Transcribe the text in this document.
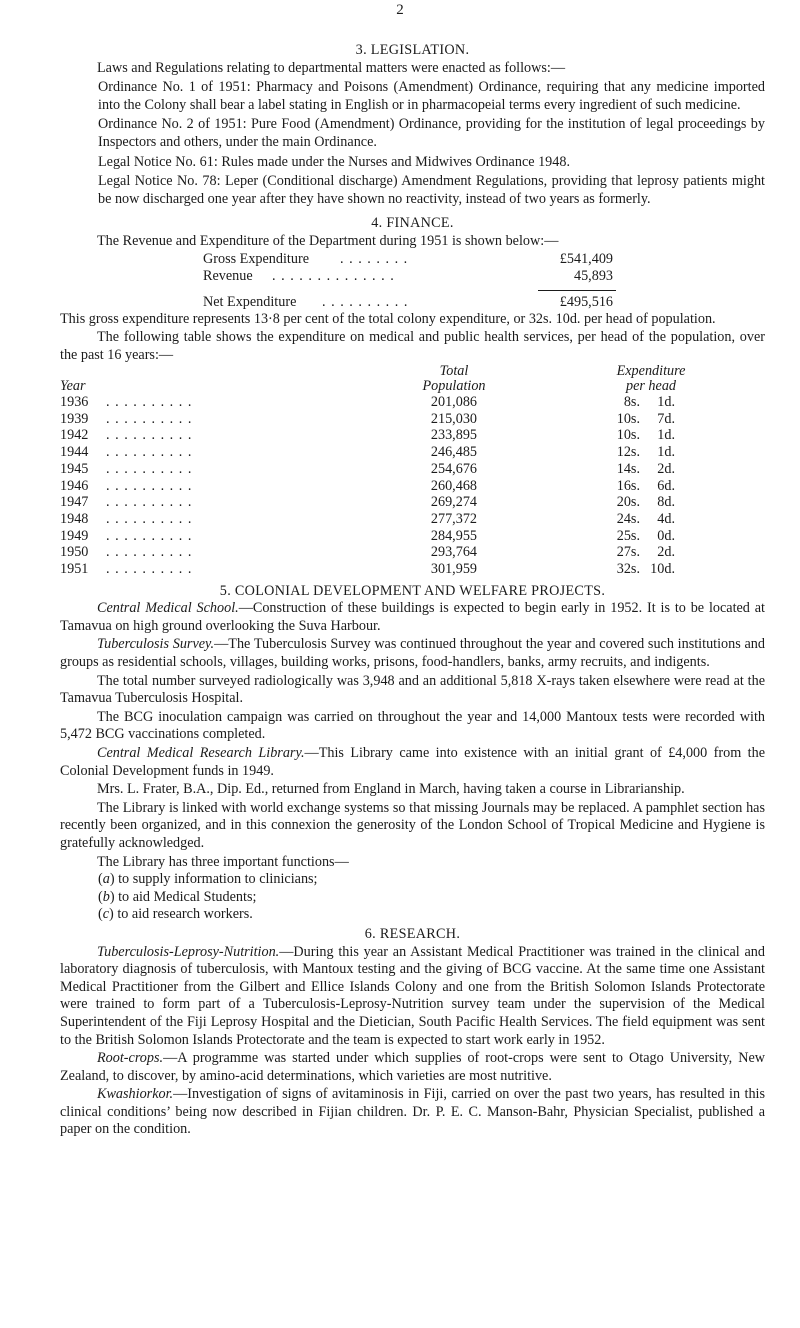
2
3. LEGISLATION.

Laws and Regulations relating to departmental matters were enacted as follows:—

Ordinance No. 1 of 1951: Pharmacy and Poisons (Amendment) Ordinance, requiring that any medicine imported into the Colony shall bear a label stating in English or in pharmacopeial terms every ingredient of such medicine.

Ordinance No. 2 of 1951: Pure Food (Amendment) Ordinance, providing for the institution of legal proceedings by Inspectors and others, under the main Ordinance.

Legal Notice No. 61: Rules made under the Nurses and Midwives Ordinance 1948.

Legal Notice No. 78: Leper (Conditional discharge) Amendment Regulations, providing that leprosy patients might be now discharged one year after they have shown no reactivity, instead of two years as formerly.

4. FINANCE.

The Revenue and Expenditure of the Department during 1951 is shown below:—

Gross Expenditure . . . . . . . .	£541,409
Revenue . . . . . . . . . . . . . .	45,893
Net Expenditure . . . . . . . . . .	£495,516

This gross expenditure represents 13·8 per cent of the total colony expenditure, or 32s. 10d. per head of population.

The following table shows the expenditure on medical and public health services, per head of the population, over the past 16 years:—

Year
Total
Population
Expenditure
per head
1936 . . . . . . . . . .	201,086	8s.	1d.
1939 . . . . . . . . . .	215,030	10s.	7d.
1942 . . . . . . . . . .	233,895	10s.	1d.
1944 . . . . . . . . . .	246,485	12s.	1d.
1945 . . . . . . . . . .	254,676	14s.	2d.
1946 . . . . . . . . . .	260,468	16s.	6d.
1947 . . . . . . . . . .	269,274	20s.	8d.
1948 . . . . . . . . . .	277,372	24s.	4d.
1949 . . . . . . . . . .	284,955	25s.	0d.
1950 . . . . . . . . . .	293,764	27s.	2d.
1951 . . . . . . . . . .	301,959	32s. 10d.
5. COLONIAL DEVELOPMENT AND WELFARE PROJECTS.

Central Medical School.—Construction of these buildings is expected to begin early in 1952. It is to be located at Tamavua on high ground overlooking the Suva Harbour.

Tuberculosis Survey.—The Tuberculosis Survey was continued throughout the year and covered such institutions and groups as residential schools, villages, building works, prisons, food-handlers, banks, army recruits, and indigents.

The total number surveyed radiologically was 3,948 and an additional 5,818 X-rays taken elsewhere were read at the Tamavua Tuberculosis Hospital.

The BCG inoculation campaign was carried on throughout the year and 14,000 Mantoux tests were recorded with 5,472 BCG vaccinations completed.

Central Medical Research Library.—This Library came into existence with an initial grant of £4,000 from the Colonial Development funds in 1949.

Mrs. L. Frater, B.A., Dip. Ed., returned from England in March, having taken a course in Librarianship.

The Library is linked with world exchange systems so that missing Journals may be replaced. A pamphlet section has recently been organized, and in this connexion the generosity of the London School of Tropical Medicine and Hygiene is gratefully acknowledged.

The Library has three important functions—

(a) to supply information to clinicians;
(b) to aid Medical Students;
(c) to aid research workers.
6. RESEARCH.

Tuberculosis-Leprosy-Nutrition.—During this year an Assistant Medical Practitioner was trained in the clinical and laboratory diagnosis of tuberculosis, with Mantoux testing and the giving of BCG vaccine. At the same time one Assistant Medical Practitioner from the Gilbert and Ellice Islands Colony and one from the British Solomon Islands Protectorate were trained to form part of a Tuberculosis-Leprosy-Nutrition survey team under the supervision of the Medical Superintendent of the Fiji Leprosy Hospital and the Dietician, South Pacific Health Services. The field equipment was sent to the British Solomon Islands Protectorate and the team is expected to start work early in 1952.

Root-crops.—A programme was started under which supplies of root-crops were sent to Otago University, New Zealand, to discover, by amino-acid determinations, which varieties are most nutritive.

Kwashiorkor.—Investigation of signs of avitaminosis in Fiji, carried on over the past two years, has resulted in this clinical conditions’ being now described in Fijian children. Dr. P. E. C. Manson-Bahr, Physician Specialist, published a paper on the condition.
